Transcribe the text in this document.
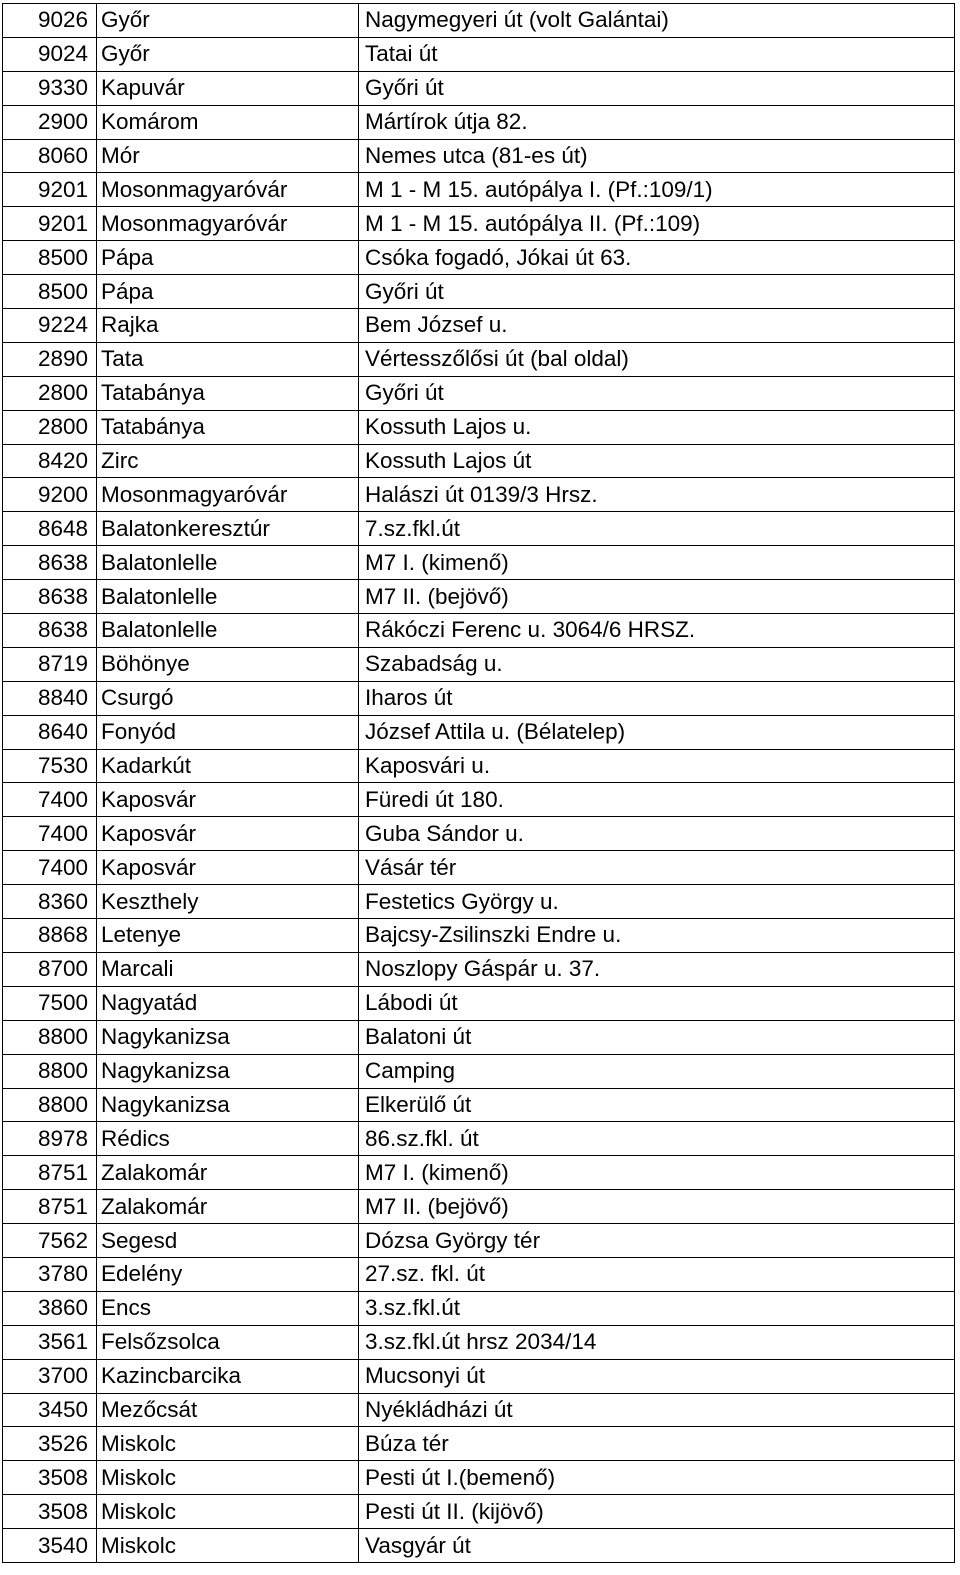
9026	Győr	Nagymegyeri út (volt Galántai)
9024	Győr	Tatai út
9330	Kapuvár	Győri út
2900	Komárom	Mártírok útja 82.
8060	Mór	Nemes utca (81-es út)
9201	Mosonmagyaróvár	M 1 - M 15. autópálya I. (Pf.:109/1)
9201	Mosonmagyaróvár	M 1 - M 15. autópálya II. (Pf.:109)
8500	Pápa	Csóka fogadó, Jókai út 63.
8500	Pápa	Győri út
9224	Rajka	Bem József u.
2890	Tata	Vértesszőlősi út (bal oldal)
2800	Tatabánya	Győri út
2800	Tatabánya	Kossuth Lajos u.
8420	Zirc	Kossuth Lajos út
9200	Mosonmagyaróvár	Halászi út 0139/3 Hrsz.
8648	Balatonkeresztúr	7.sz.fkl.út
8638	Balatonlelle	M7 I. (kimenő)
8638	Balatonlelle	M7 II. (bejövő)
8638	Balatonlelle	Rákóczi Ferenc u. 3064/6 HRSZ.
8719	Böhönye	Szabadság u.
8840	Csurgó	Iharos út
8640	Fonyód	József Attila u. (Bélatelep)
7530	Kadarkút	Kaposvári u.
7400	Kaposvár	Füredi út 180.
7400	Kaposvár	Guba Sándor u.
7400	Kaposvár	Vásár tér
8360	Keszthely	Festetics György u.
8868	Letenye	Bajcsy-Zsilinszki Endre u.
8700	Marcali	Noszlopy Gáspár u. 37.
7500	Nagyatád	Lábodi út
8800	Nagykanizsa	Balatoni út
8800	Nagykanizsa	Camping
8800	Nagykanizsa	Elkerülő út
8978	Rédics	86.sz.fkl. út
8751	Zalakomár	M7 I. (kimenő)
8751	Zalakomár	M7 II. (bejövő)
7562	Segesd	Dózsa György tér
3780	Edelény	27.sz. fkl. út
3860	Encs	3.sz.fkl.út
3561	Felsőzsolca	3.sz.fkl.út hrsz 2034/14
3700	Kazincbarcika	Mucsonyi út
3450	Mezőcsát	Nyékládházi út
3526	Miskolc	Búza tér
3508	Miskolc	Pesti út I.(bemenő)
3508	Miskolc	Pesti út II. (kijövő)
3540	Miskolc	Vasgyár út
